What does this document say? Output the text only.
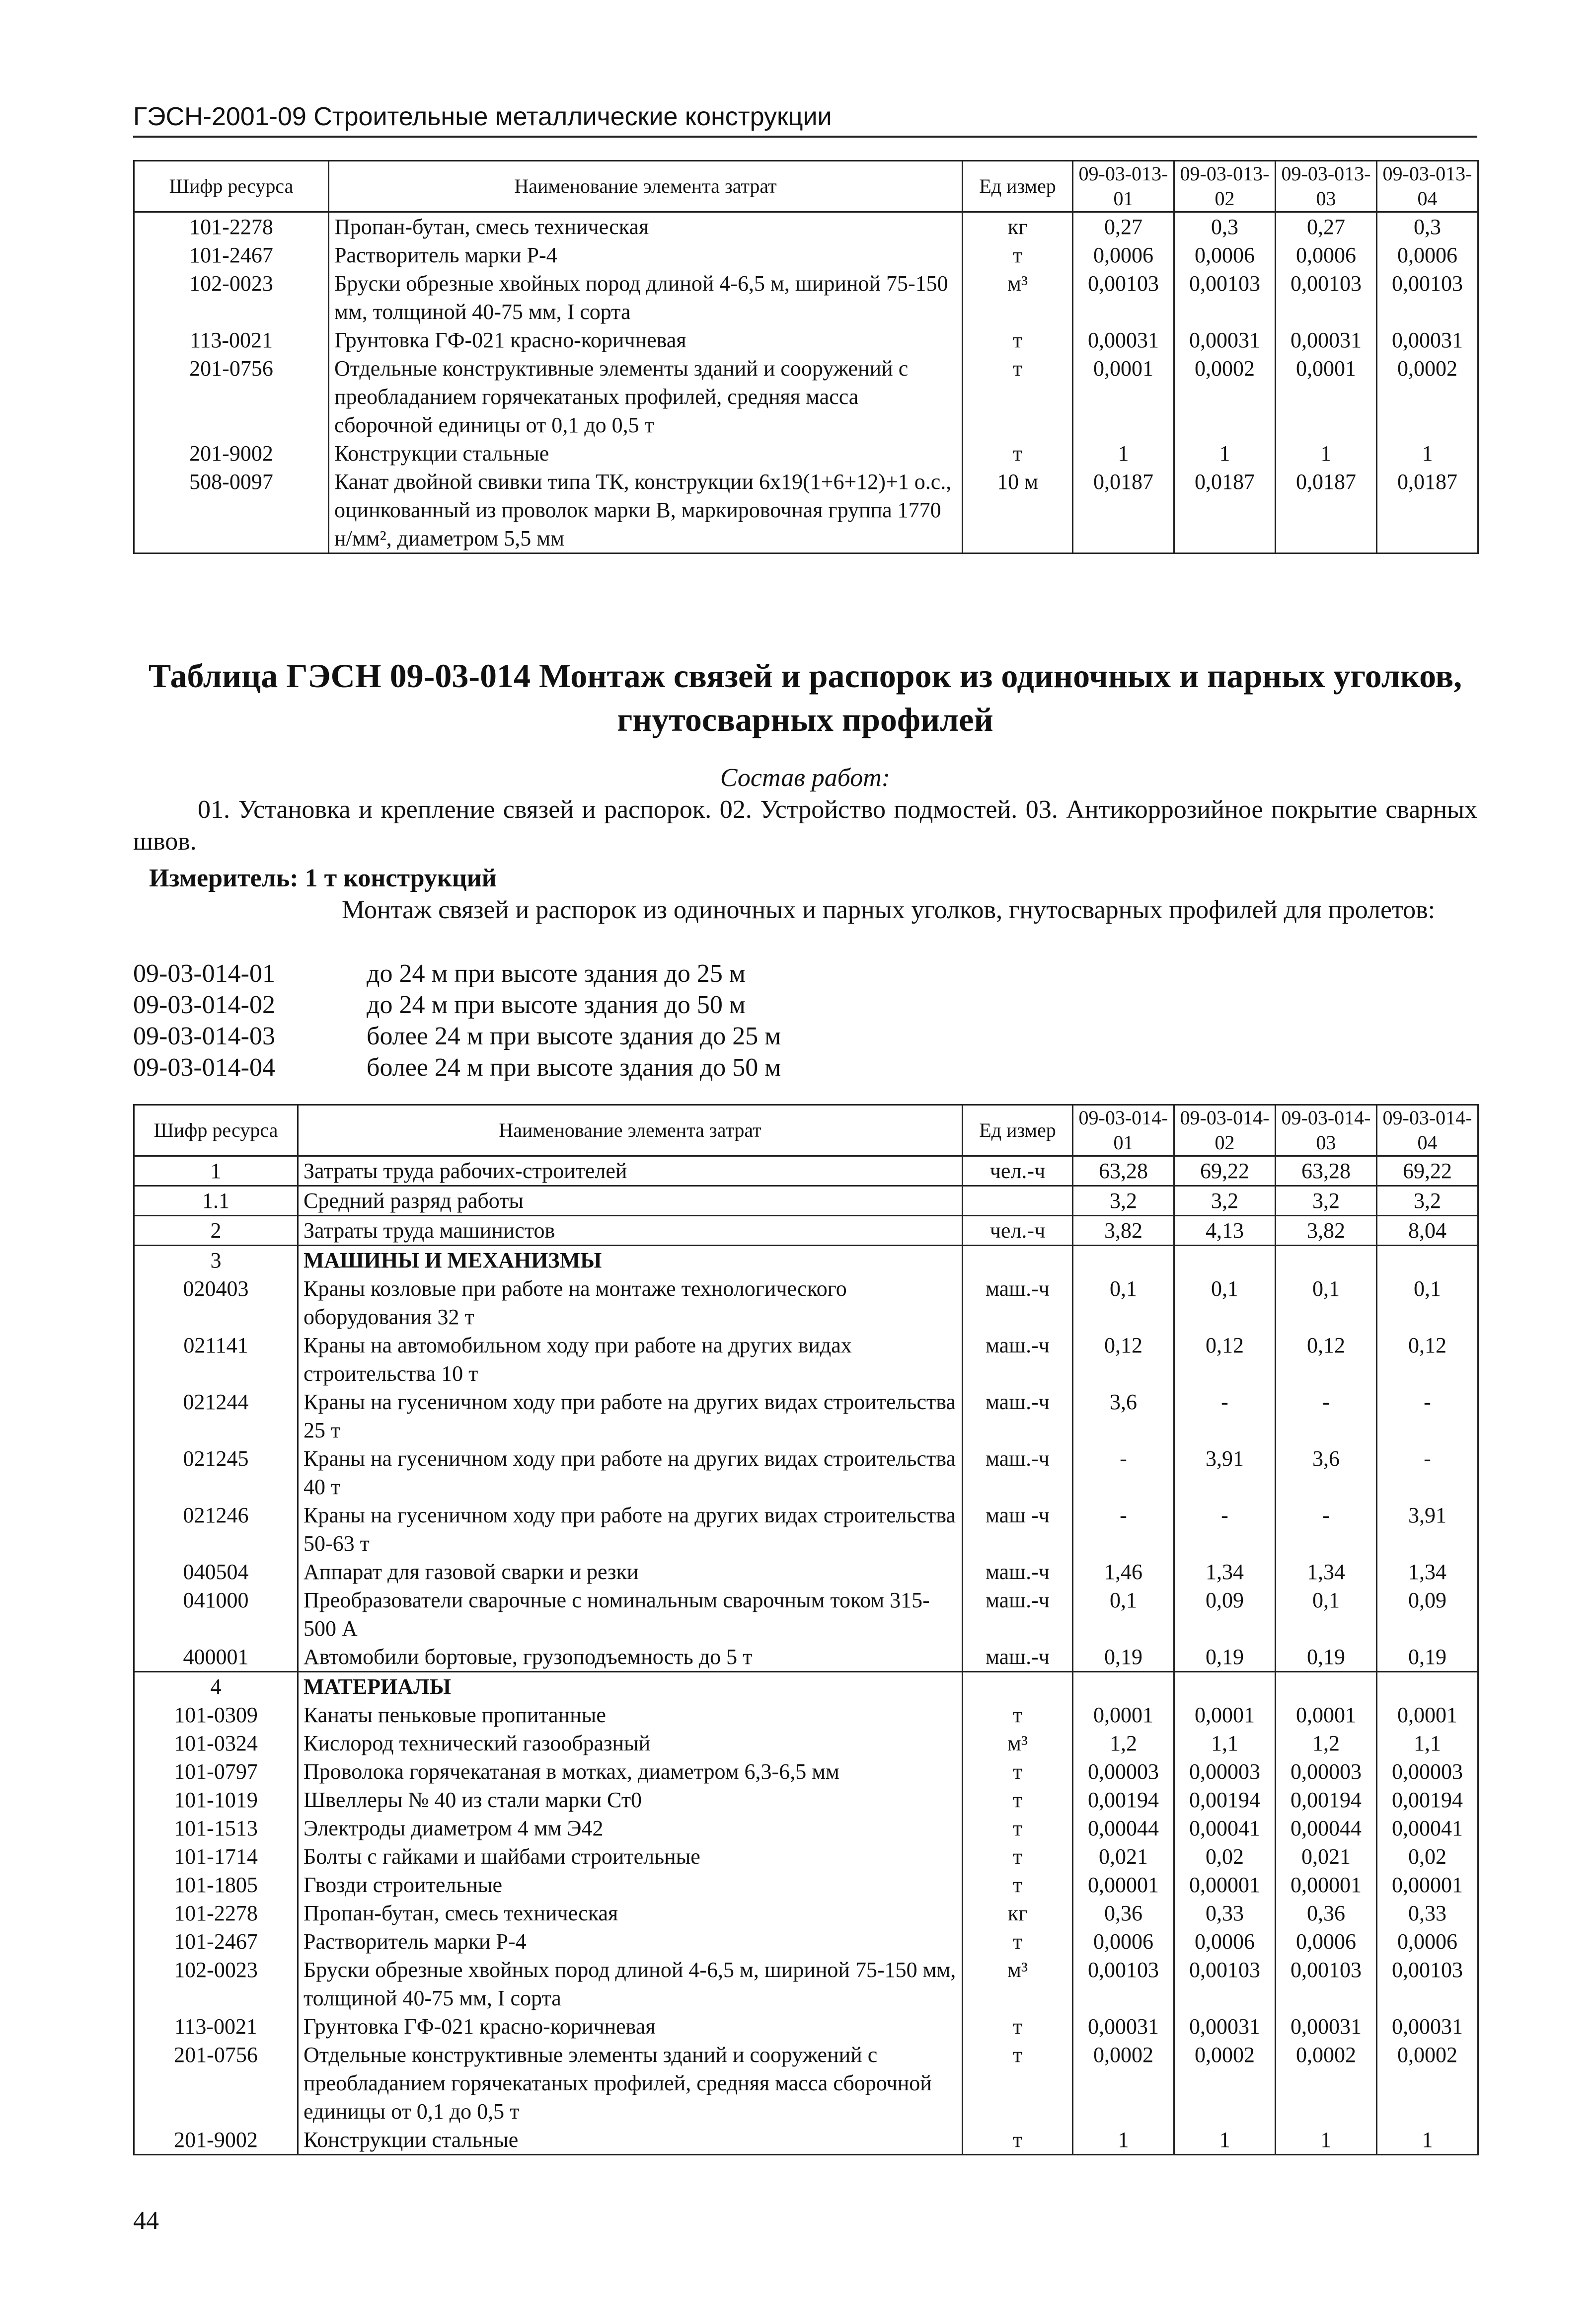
ГЭСН-2001-09 Строительные металлические конструкции
Шифр ресурса	Наименование элемента затрат	Ед измер	09-03-013-01	09-03-013-02	09-03-013-03	09-03-013-04
101-2278	Пропан-бутан, смесь техническая	кг	0,27	0,3	0,27	0,3
101-2467	Растворитель марки Р-4	т	0,0006	0,0006	0,0006	0,0006
102-0023	Бруски обрезные хвойных пород длиной 4-6,5 м, шириной 75-150 мм, толщиной 40-75 мм, I сорта	м³	0,00103	0,00103	0,00103	0,00103
113-0021	Грунтовка ГФ-021 красно-коричневая	т	0,00031	0,00031	0,00031	0,00031
201-0756	Отдельные конструктивные элементы зданий и сооружений с преобладанием горячекатаных профилей, средняя масса сборочной единицы от 0,1 до 0,5 т	т	0,0001	0,0002	0,0001	0,0002
201-9002	Конструкции стальные	т	1	1	1	1
508-0097	Канат двойной свивки типа ТК, конструкции 6х19(1+6+12)+1 о.с., оцинкованный из проволок марки В, маркировочная группа 1770 н/мм², диаметром 5,5 мм	10 м	0,0187	0,0187	0,0187	0,0187
Таблица ГЭСН 09-03-014 Монтаж связей и распорок из одиночных и парных уголков, гнутосварных профилей
Состав работ:
01. Установка и крепление связей и распорок. 02. Устройство подмостей. 03. Антикоррозийное покрытие сварных швов.
Измеритель: 1 т конструкций
Монтаж связей и распорок из одиночных и парных уголков, гнутосварных профилей для пролетов:
09-03-014-01	до 24 м при высоте здания до 25 м
09-03-014-02	до 24 м при высоте здания до 50 м
09-03-014-03	более 24 м при высоте здания до 25 м
09-03-014-04	более 24 м при высоте здания до 50 м
Шифр ресурса	Наименование элемента затрат	Ед измер	09-03-014-01	09-03-014-02	09-03-014-03	09-03-014-04
1	Затраты труда рабочих-строителей	чел.-ч	63,28	69,22	63,28	69,22
1.1	Средний разряд работы		3,2	3,2	3,2	3,2
2	Затраты труда машинистов	чел.-ч	3,82	4,13	3,82	8,04
3	МАШИНЫ И МЕХАНИЗМЫ					
020403	Краны козловые при работе на монтаже технологического оборудования 32 т	маш.-ч	0,1	0,1	0,1	0,1
021141	Краны на автомобильном ходу при работе на других видах строительства 10 т	маш.-ч	0,12	0,12	0,12	0,12
021244	Краны на гусеничном ходу при работе на других видах строительства 25 т	маш.-ч	3,6	-	-	-
021245	Краны на гусеничном ходу при работе на других видах строительства 40 т	маш.-ч	-	3,91	3,6	-
021246	Краны на гусеничном ходу при работе на других видах строительства 50-63 т	маш -ч	-	-	-	3,91
040504	Аппарат для газовой сварки и резки	маш.-ч	1,46	1,34	1,34	1,34
041000	Преобразователи сварочные с номинальным сварочным током 315-500 А	маш.-ч	0,1	0,09	0,1	0,09
400001	Автомобили бортовые, грузоподъемность до 5 т	маш.-ч	0,19	0,19	0,19	0,19
4	МАТЕРИАЛЫ					
101-0309	Канаты пеньковые пропитанные	т	0,0001	0,0001	0,0001	0,0001
101-0324	Кислород технический газообразный	м³	1,2	1,1	1,2	1,1
101-0797	Проволока горячекатаная в мотках, диаметром 6,3-6,5 мм	т	0,00003	0,00003	0,00003	0,00003
101-1019	Швеллеры № 40 из стали марки Ст0	т	0,00194	0,00194	0,00194	0,00194
101-1513	Электроды диаметром 4 мм Э42	т	0,00044	0,00041	0,00044	0,00041
101-1714	Болты с гайками и шайбами строительные	т	0,021	0,02	0,021	0,02
101-1805	Гвозди строительные	т	0,00001	0,00001	0,00001	0,00001
101-2278	Пропан-бутан, смесь техническая	кг	0,36	0,33	0,36	0,33
101-2467	Растворитель марки Р-4	т	0,0006	0,0006	0,0006	0,0006
102-0023	Бруски обрезные хвойных пород длиной 4-6,5 м, шириной 75-150 мм, толщиной 40-75 мм, I сорта	м³	0,00103	0,00103	0,00103	0,00103
113-0021	Грунтовка ГФ-021 красно-коричневая	т	0,00031	0,00031	0,00031	0,00031
201-0756	Отдельные конструктивные элементы зданий и сооружений с преобладанием горячекатаных профилей, средняя масса сборочной единицы от 0,1 до 0,5 т	т	0,0002	0,0002	0,0002	0,0002
201-9002	Конструкции стальные	т	1	1	1	1
44
